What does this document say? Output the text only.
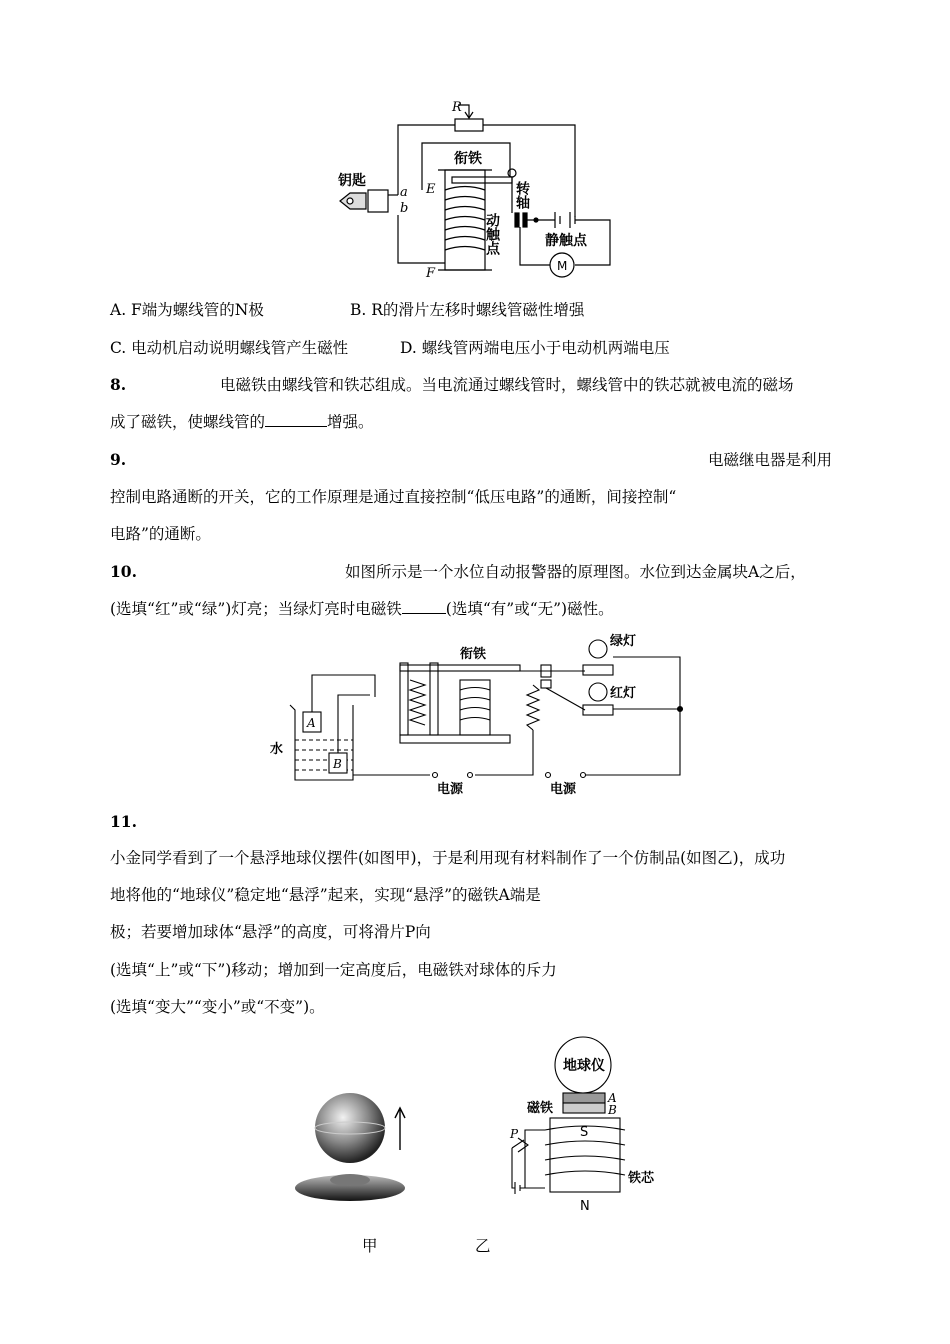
R
衔铁
钥匙
a
b
E
F
转轴
动触点	静触点
M
A. F端为螺线管的N极	B. R的滑片左移时螺线管磁性增强
C. 电动机启动说明螺线管产生磁性	D. 螺线管两端电压小于电动机两端电压
8.	电磁铁由螺线管和铁芯组成。当电流通过螺线管时，螺线管中的铁芯就被电流的磁场
成了磁铁，使螺线管的	增强。
9.	电磁继电器是利用
控制电路通断的开关，它的工作原理是通过直接控制“低压电路”的通断，间接控制“
电路”的通断。
10.	如图所示是一个水位自动报警器的原理图。水位到达金属块A之后，
(选填“红”或“绿”)灯亮；当绿灯亮时电磁铁	(选填“有”或“无”)磁性。
衔铁
绿灯
红灯
水
A
B
电源	电源
11.
小金同学看到了一个悬浮地球仪摆件(如图甲)，于是利用现有材料制作了一个仿制品(如图乙)，成功
地将他的“地球仪”稳定地“悬浮”起来，实现“悬浮”的磁铁A端是
极；若要增加球体“悬浮”的高度，可将滑片P向
(选填“上”或“下”)移动；增加到一定高度后，电磁铁对球体的斥力
(选填“变大”“变小”或“不变”)。
地球仪
磁铁
A
B
P	S
N
铁芯
甲	乙
